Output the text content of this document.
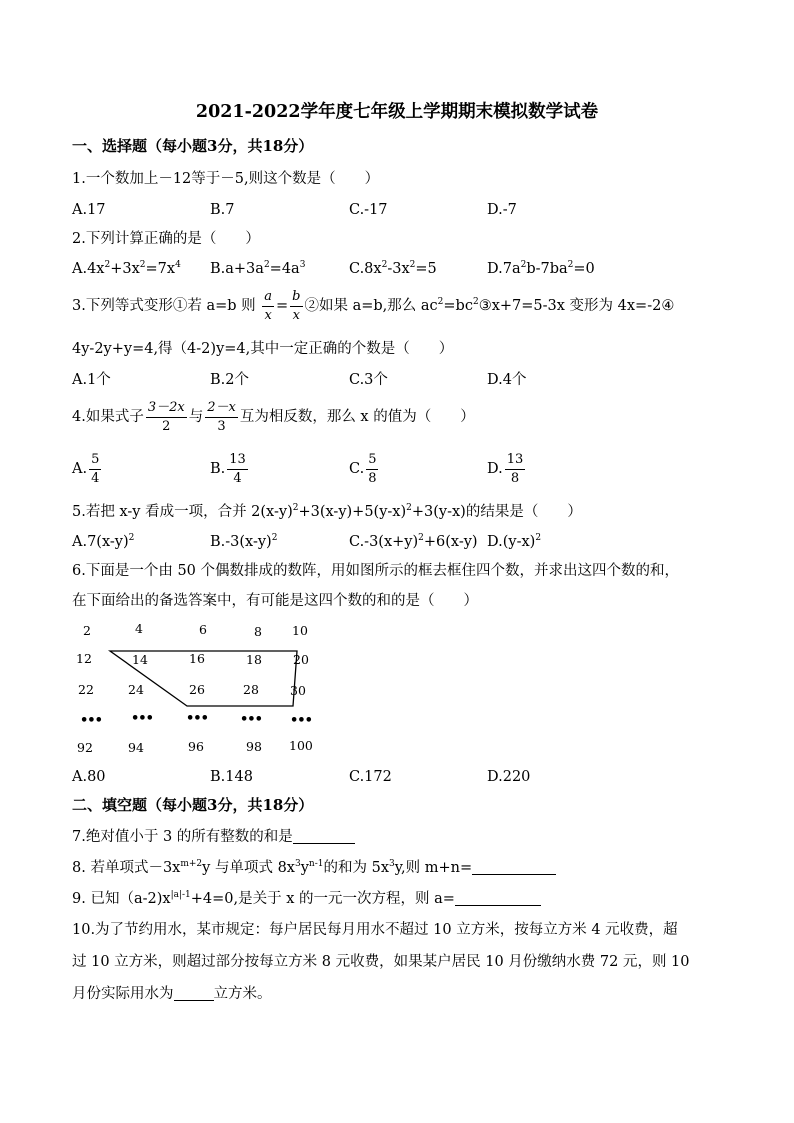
2021-2022学年度七年级上学期期末模拟数学试卷
一、选择题（每小题3分，共18分）
1.一个数加上－12等于－5,则这个数是（　　）
A.17	B.7	C.-17	D.-7
2.下列计算正确的是（　　）
$A.4x^2+3x^2=7x^4$ $B.a+3a^2=4a^3$	$C.8x^2-3x^2=5$	$D.7a^2b-7ba^2=0$
3.下列等式变形①若 a=b 则 $\frac{a}{x} = \frac{b}{x}$ ②如果 a=b,那么 $ac^2=bc^2③x+7=5-3x$ 变形为 4x=-2④
4y-2y+y=4,得（4-2)y=4,其中一定正确的个数是（　　）
A.1个	B.2个	C.3个	D.4个
4.如果式子 $\frac{3-2x}{2}$ 与 $\frac{2-x}{3}$ 互为相反数，那么 x 的值为（　　）
A. $\frac{5}{4}$	B. $\frac{13}{4}$	C. $\frac{5}{8}$	D. $\frac{13}{8}$
5.若把 x-y 看成一项，合并 $2(x-y)^2+3(x-y)+5(y-x)^2+3(y-x)$的结果是（　　）
$A.7(x-y)^2$	$B.-3(x-y)^2$	$C.-3(x+y)^2+6(x-y)$ $D.(y-x)^2$
6.下面是一个由 50 个偶数排成的数阵，用如图所示的框去框住四个数，并求出这四个数的和，
在下面给出的备选答案中，有可能是这四个数的和的是（　　）
2	4	6	8 10
12	14	16	18 20
22	24	26	28 30
••• •••	••• ••• •••
92	94	96	98 100
A.80	B.148	C.172	D.220
二、填空题（每小题3分，共18分）
7.绝对值小于 3 的所有整数的和是
8. 若单项式$-3x^{m+2}y$ 与单项式 $8x^3y^{n-1}$的和为 $5x^3y$,则 m+n=
9. 已知$(a-2)x^{|a|-1}+4=0$,是关于 x 的一元一次方程，则 a=
10.为了节约用水，某市规定：每户居民每月用水不超过 10 立方米，按每立方米 4 元收费，超
过 10 立方米，则超过部分按每立方米 8 元收费，如果某户居民 10 月份缴纳水费 72 元，则 10
月份实际用水为	立方米。
